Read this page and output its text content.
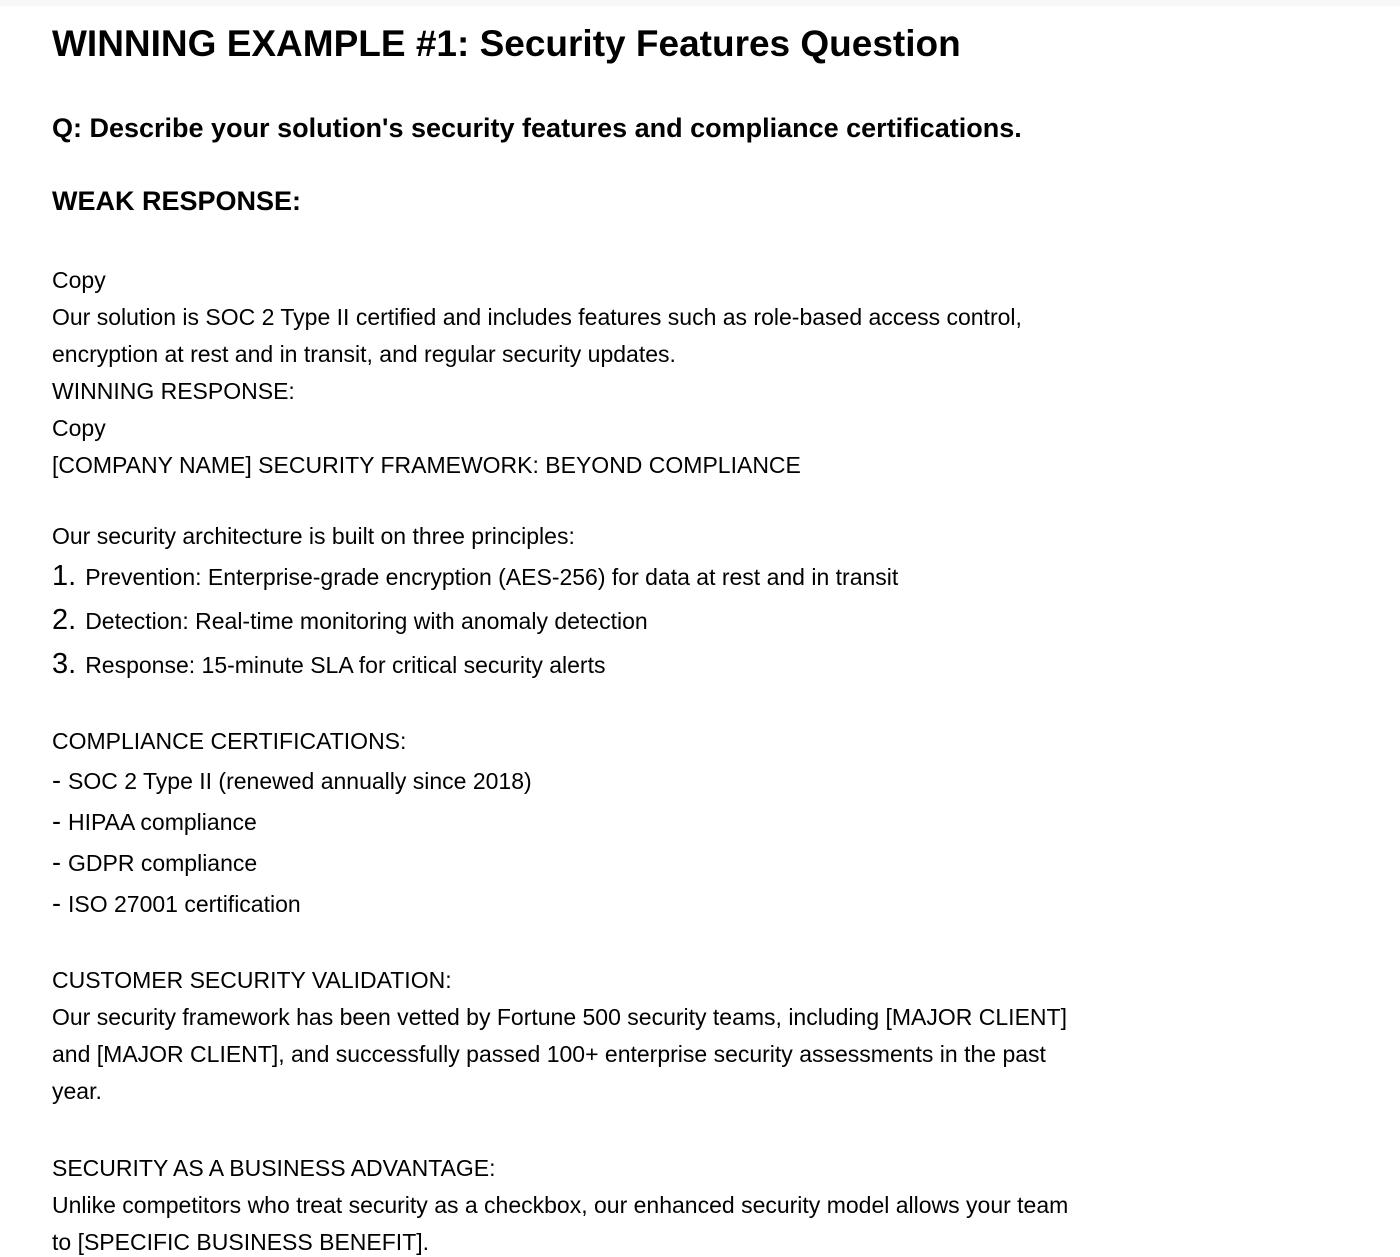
WINNING EXAMPLE #1: Security Features Question
Q: Describe your solution's security features and compliance certifications.
WEAK RESPONSE:
Copy
Our solution is SOC 2 Type II certified and includes features such as role-based access control,
encryption at rest and in transit, and regular security updates.
WINNING RESPONSE:
Copy
[COMPANY NAME] SECURITY FRAMEWORK: BEYOND COMPLIANCE
Our security architecture is built on three principles:
1. Prevention: Enterprise-grade encryption (AES-256) for data at rest and in transit
2. Detection: Real-time monitoring with anomaly detection
3. Response: 15-minute SLA for critical security alerts
COMPLIANCE CERTIFICATIONS:
- SOC 2 Type II (renewed annually since 2018)
- HIPAA compliance
- GDPR compliance
- ISO 27001 certification
CUSTOMER SECURITY VALIDATION:
Our security framework has been vetted by Fortune 500 security teams, including [MAJOR CLIENT]
and [MAJOR CLIENT], and successfully passed 100+ enterprise security assessments in the past
year.
SECURITY AS A BUSINESS ADVANTAGE:
Unlike competitors who treat security as a checkbox, our enhanced security model allows your team
to [SPECIFIC BUSINESS BENEFIT].
